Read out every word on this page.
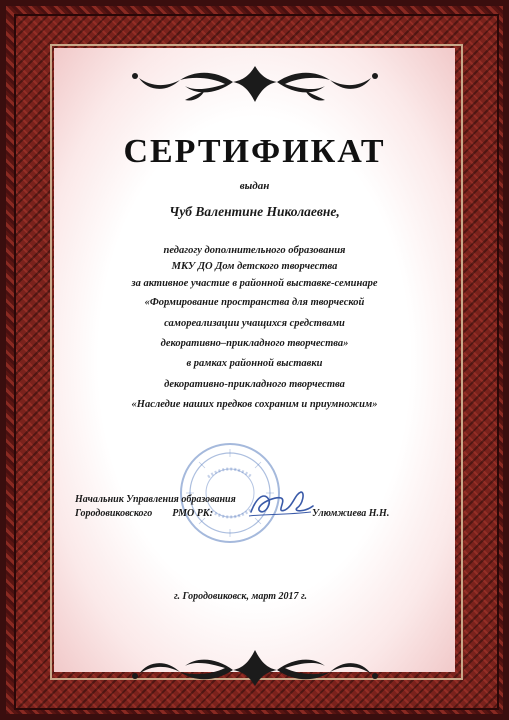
СЕРТИФИКАТ
выдан
Чуб Валентине Николаевне,
педагогу дополнительного образования
МКУ ДО Дом детского творчества
за активное участие в районной выставке-семинаре
«Формирование пространства для творческой
самореализации учащихся средствами
декоративно–прикладного творчества»
в рамках районной выставки
декоративно-прикладного творчества
«Наследие наших предков сохраним и приумножим»
Начальник Управления образования
Городовиковского        РМО РК:	Улюмжиева Н.Н.
г. Городовиковск, март 2017 г.
